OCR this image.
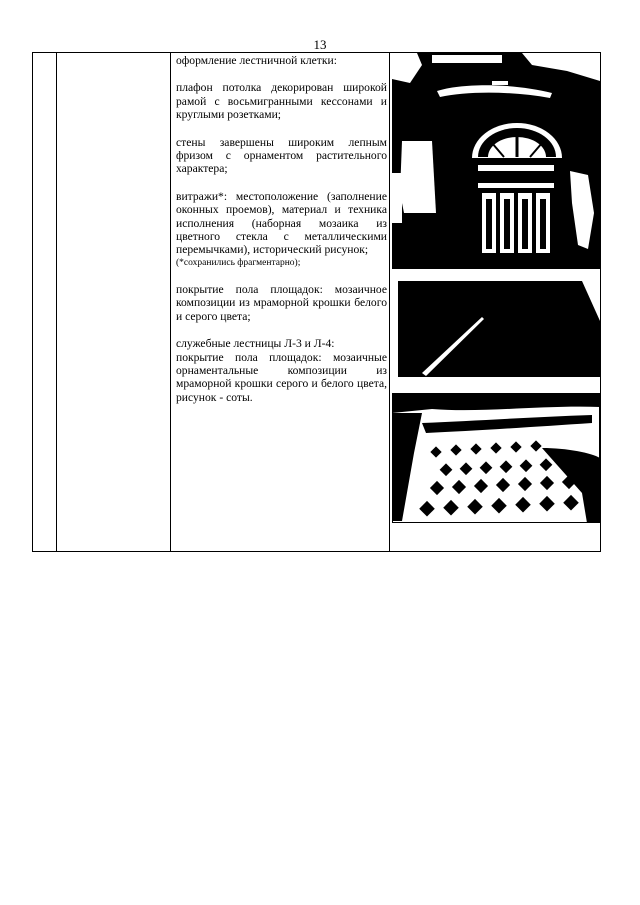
13

оформление лестничной клетки:

плафон потолка декорирован широкой рамой с восьмигранными кессонами и круглыми розетками;

стены завершены широким лепным фризом с орнаментом растительного характера;

витражи*: местоположение (заполнение оконных проемов), материал и техника исполнения (наборная мозаика из цветного стекла с металлическими перемычками), исторический рисунок;

(*сохранились фрагментарно);

покрытие пола площадок: мозаичное композиции из мраморной крошки белого и серого цвета;

служебные лестницы Л-3 и Л-4:

покрытие пола площадок: мозаичные орнаментальные композиции из мраморной крошки серого и белого цвета, рисунок - соты.
